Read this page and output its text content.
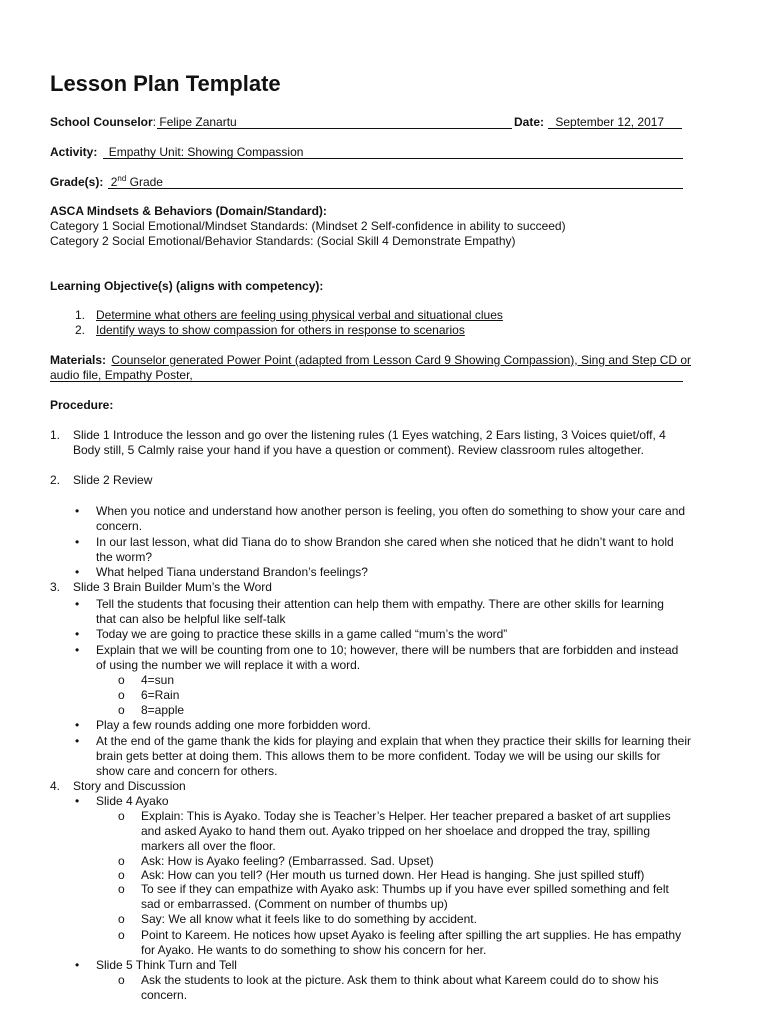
Lesson Plan Template
School Counselor: Felipe Zanartu	Date: September 12, 2017
Activity: Empathy Unit: Showing Compassion
Grade(s): 2nd Grade
ASCA Mindsets & Behaviors (Domain/Standard):
Category 1 Social Emotional/Mindset Standards: (Mindset 2 Self-confidence in ability to succeed)
Category 2 Social Emotional/Behavior Standards: (Social Skill 4 Demonstrate Empathy)
Learning Objective(s) (aligns with competency):
1. Determine what others are feeling using physical verbal and situational clues
2. Identify ways to show compassion for others in response to scenarios
Materials: Counselor generated Power Point (adapted from Lesson Card 9 Showing Compassion), Sing and Step CD or
audio file, Empathy Poster,
Procedure:
1. Slide 1 Introduce the lesson and go over the listening rules (1 Eyes watching, 2 Ears listing, 3 Voices quiet/off, 4
Body still, 5 Calmly raise your hand if you have a question or comment). Review classroom rules altogether.
2. Slide 2 Review
• When you notice and understand how another person is feeling, you often do something to show your care and
concern.
• In our last lesson, what did Tiana do to show Brandon she cared when she noticed that he didn’t want to hold
the worm?
• What helped Tiana understand Brandon’s feelings?
3. Slide 3 Brain Builder Mum’s the Word
• Tell the students that focusing their attention can help them with empathy. There are other skills for learning
that can also be helpful like self-talk
• Today we are going to practice these skills in a game called “mum’s the word”
• Explain that we will be counting from one to 10; however, there will be numbers that are forbidden and instead
of using the number we will replace it with a word.
o 4=sun
o 6=Rain
o 8=apple
• Play a few rounds adding one more forbidden word.
• At the end of the game thank the kids for playing and explain that when they practice their skills for learning their
brain gets better at doing them. This allows them to be more confident. Today we will be using our skills for
show care and concern for others.
4. Story and Discussion
• Slide 4 Ayako
o Explain: This is Ayako. Today she is Teacher’s Helper. Her teacher prepared a basket of art supplies
and asked Ayako to hand them out. Ayako tripped on her shoelace and dropped the tray, spilling
markers all over the floor.
o Ask: How is Ayako feeling? (Embarrassed. Sad. Upset)
o Ask: How can you tell? (Her mouth us turned down. Her Head is hanging. She just spilled stuff)
o To see if they can empathize with Ayako ask: Thumbs up if you have ever spilled something and felt
sad or embarrassed. (Comment on number of thumbs up)
o Say: We all know what it feels like to do something by accident.
o Point to Kareem. He notices how upset Ayako is feeling after spilling the art supplies. He has empathy
for Ayako. He wants to do something to show his concern for her.
• Slide 5 Think Turn and Tell
o Ask the students to look at the picture. Ask them to think about what Kareem could do to show his
concern.
